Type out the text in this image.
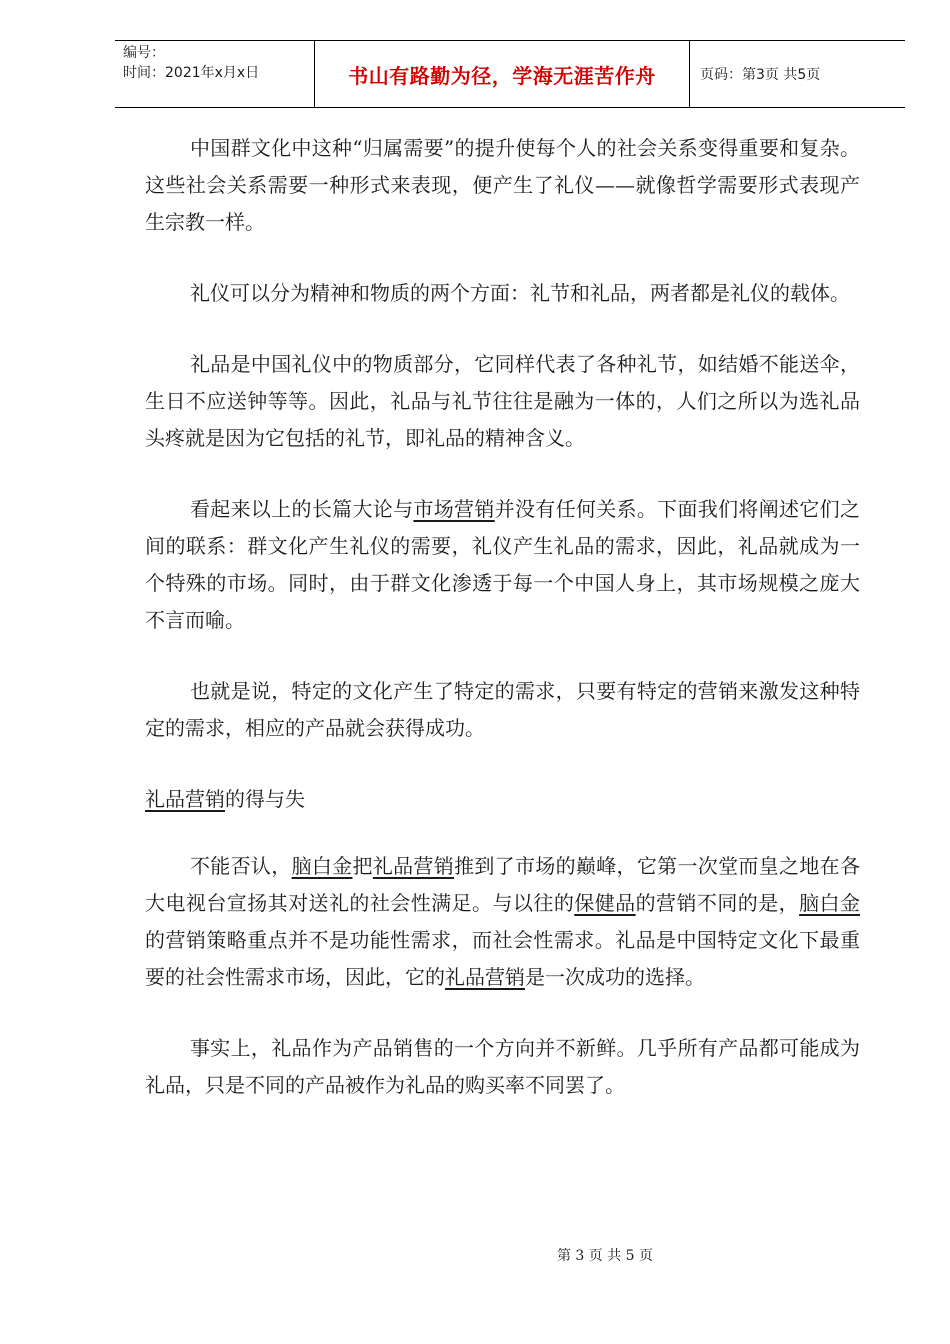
编号：
时间：2021年x月x日	书山有路勤为径，学海无涯苦作舟	页码：第3页 共5页

中国群文化中这种“归属需要”的提升使每个人的社会关系变得重要和复杂。这些社会关系需要一种形式来表现，便产生了礼仪——就像哲学需要形式表现产生宗教一样。

礼仪可以分为精神和物质的两个方面：礼节和礼品，两者都是礼仪的载体。

礼品是中国礼仪中的物质部分，它同样代表了各种礼节，如结婚不能送伞，生日不应送钟等等。因此，礼品与礼节往往是融为一体的，人们之所以为选礼品头疼就是因为它包括的礼节，即礼品的精神含义。

看起来以上的长篇大论与市场营销并没有任何关系。下面我们将阐述它们之间的联系：群文化产生礼仪的需要，礼仪产生礼品的需求，因此，礼品就成为一个特殊的市场。同时，由于群文化渗透于每一个中国人身上，其市场规模之庞大不言而喻。

也就是说，特定的文化产生了特定的需求，只要有特定的营销来激发这种特定的需求，相应的产品就会获得成功。

礼品营销的得与失

不能否认，脑白金把礼品营销推到了市场的巅峰，它第一次堂而皇之地在各大电视台宣扬其对送礼的社会性满足。与以往的保健品的营销不同的是，脑白金的营销策略重点并不是功能性需求，而社会性需求。礼品是中国特定文化下最重要的社会性需求市场，因此，它的礼品营销是一次成功的选择。

事实上，礼品作为产品销售的一个方向并不新鲜。几乎所有产品都可能成为礼品，只是不同的产品被作为礼品的购买率不同罢了。

第 3 页 共 5 页
